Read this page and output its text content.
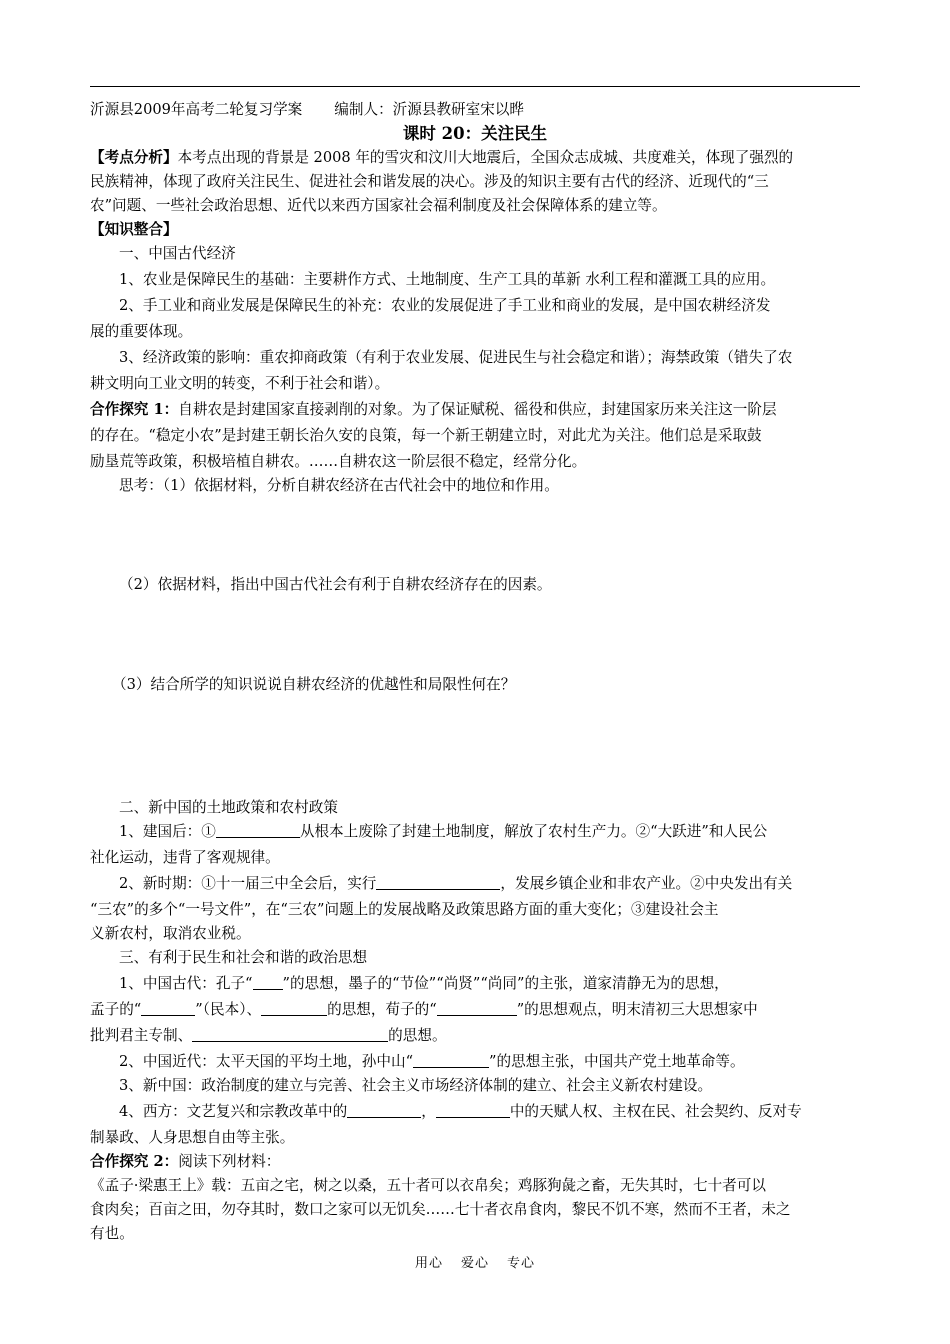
沂源县2009年高考二轮复习学案 编制人：沂源县教研室宋以晔
课时 20：关注民生
【考点分析】本考点出现的背景是 2008 年的雪灾和汶川大地震后，全国众志成城、共度难关，体现了强烈的
民族精神，体现了政府关注民生、促进社会和谐发展的决心。涉及的知识主要有古代的经济、近现代的“三
农”问题、一些社会政治思想、近代以来西方国家社会福利制度及社会保障体系的建立等。
【知识整合】
一、中国古代经济
1、农业是保障民生的基础：主要耕作方式、土地制度、生产工具的革新 水利工程和灌溉工具的应用。
2、手工业和商业发展是保障民生的补充：农业的发展促进了手工业和商业的发展，是中国农耕经济发
展的重要体现。
3、经济政策的影响：重农抑商政策（有利于农业发展、促进民生与社会稳定和谐）；海禁政策（错失了农
耕文明向工业文明的转变，不利于社会和谐）。
合作探究 1：自耕农是封建国家直接剥削的对象。为了保证赋税、徭役和供应，封建国家历来关注这一阶层
的存在。“稳定小农”是封建王朝长治久安的良策，每一个新王朝建立时，对此尤为关注。他们总是采取鼓
励垦荒等政策，积极培植自耕农。……自耕农这一阶层很不稳定，经常分化。
思考：（1）依据材料，分析自耕农经济在古代社会中的地位和作用。
（2）依据材料，指出中国古代社会有利于自耕农经济存在的因素。
（3）结合所学的知识说说自耕农经济的优越性和局限性何在？
二、新中国的土地政策和农村政策
1、建国后：①	从根本上废除了封建土地制度，解放了农村生产力。②“大跃进”和人民公
社化运动，违背了客观规律。
2、新时期：①十一届三中全会后，实行	，发展乡镇企业和非农产业。②中央发出有关
“三农”的多个“一号文件”，在“三农”问题上的发展战略及政策思路方面的重大变化；③建设社会主
义新农村，取消农业税。
三、有利于民生和社会和谐的政治思想
1、中国古代：孔子“ ”的思想，墨子的“节俭”“尚贤”“尚同”的主张，道家清静无为的思想，
孟子的“	”（民本）、	的思想，荀子的“	”的思想观点，明末清初三大思想家中
批判君主专制、	的思想。
2、中国近代：太平天国的平均土地，孙中山“	”的思想主张，中国共产党土地革命等。
3、新中国：政治制度的建立与完善、社会主义市场经济体制的建立、社会主义新农村建设。
4、西方：文艺复兴和宗教改革中的	，	中的天赋人权、主权在民、社会契约、反对专
制暴政、人身思想自由等主张。
合作探究 2：阅读下列材料：
《孟子·梁惠王上》载：五亩之宅，树之以桑，五十者可以衣帛矣；鸡豚狗彘之畜，无失其时，七十者可以
食肉矣；百亩之田，勿夺其时，数口之家可以无饥矣……七十者衣帛食肉，黎民不饥不寒，然而不王者，未之
有也。
用心 爱心 专心
